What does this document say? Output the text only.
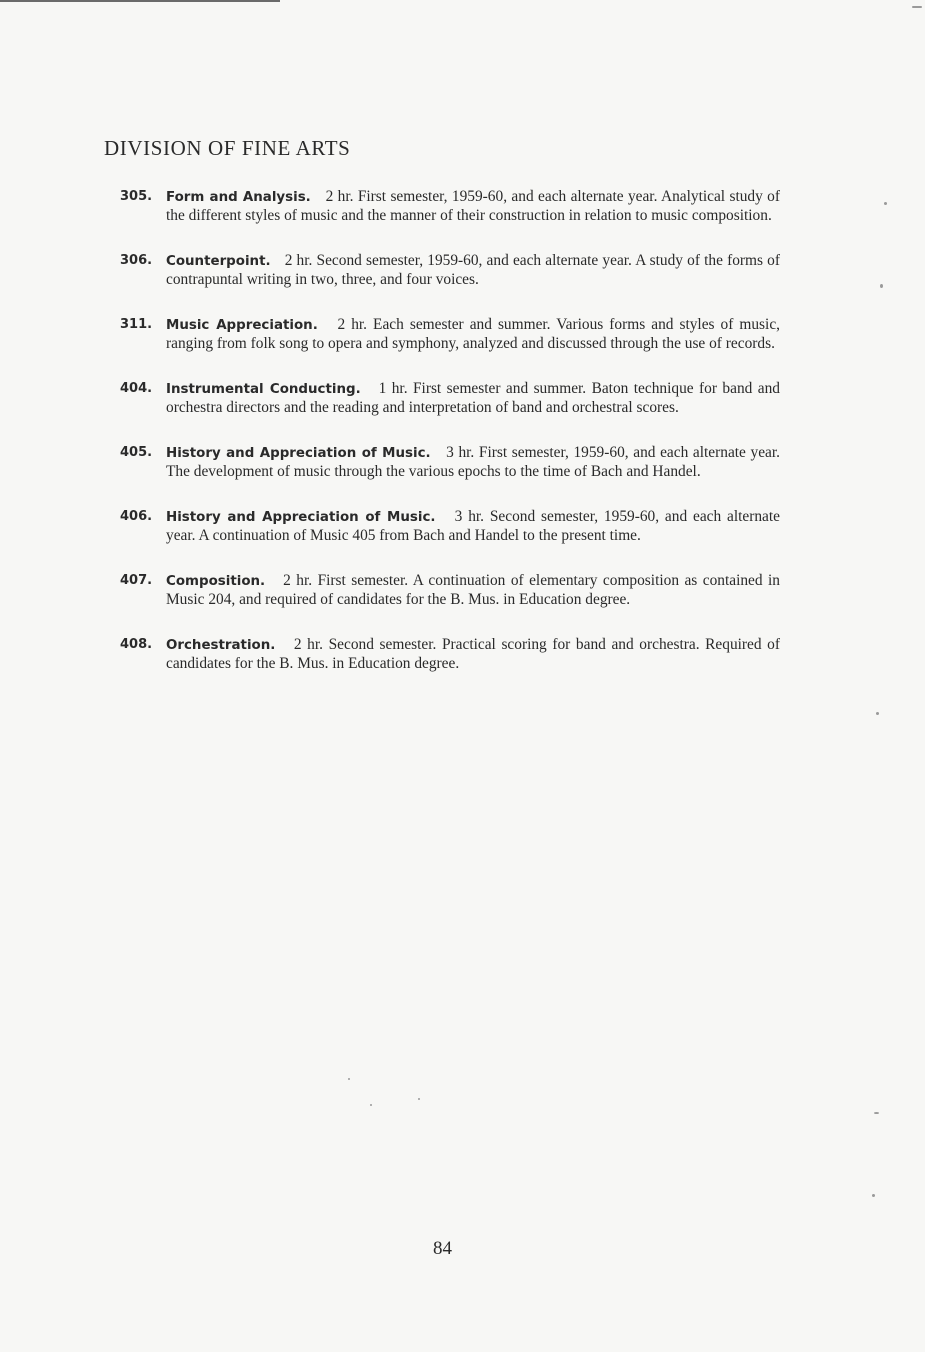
DIVISION OF FINE ARTS
305. Form and Analysis.   2 hr. First semester, 1959-60, and each alternate year. Analytical study of the different styles of music and the manner of their construction in relation to music composition.
306. Counterpoint.   2 hr. Second semester, 1959-60, and each alternate year. A study of the forms of contrapuntal writing in two, three, and four voices.
311. Music Appreciation.   2 hr. Each semester and summer. Various forms and styles of music, ranging from folk song to opera and symphony, analyzed and discussed through the use of records.
404. Instrumental Conducting.   1 hr. First semester and summer. Baton technique for band and orchestra directors and the reading and interpretation of band and orchestral scores.
405. History and Appreciation of Music.   3 hr. First semester, 1959-60, and each alternate year. The development of music through the various epochs to the time of Bach and Handel.
406. History and Appreciation of Music.   3 hr. Second semester, 1959-60, and each alternate year. A continuation of Music 405 from Bach and Handel to the present time.
407. Composition.   2 hr. First semester. A continuation of elementary composition as contained in Music 204, and required of candidates for the B. Mus. in Education degree.
408. Orchestration.   2 hr. Second semester. Practical scoring for band and orchestra. Required of candidates for the B. Mus. in Education degree.
84
